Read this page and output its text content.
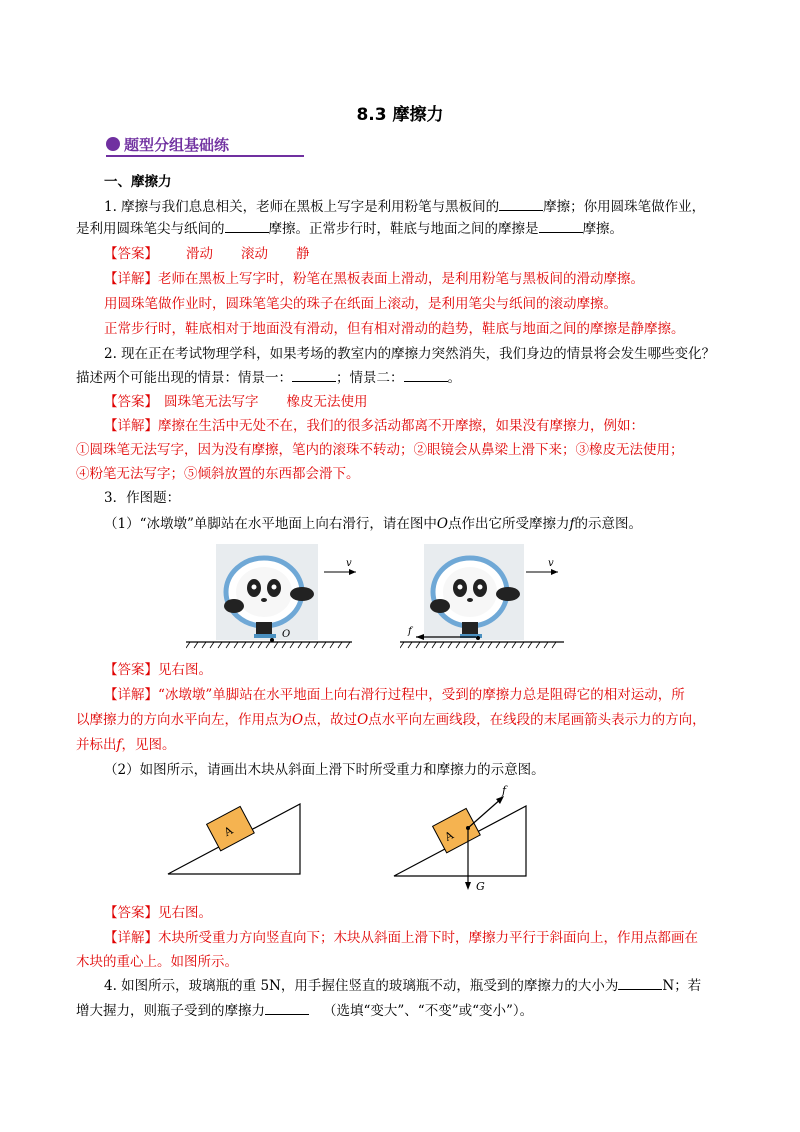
8.3 摩擦力
题型分组基础练
一、摩擦力
1. 摩擦与我们息息相关，老师在黑板上写字是利用粉笔与黑板间的	摩擦；你用圆珠笔做作业，
是利用圆珠笔尖与纸间的	摩擦。正常步行时，鞋底与地面之间的摩擦是	摩擦。
【答案】 滑动 滚动 静
【详解】老师在黑板上写字时，粉笔在黑板表面上滑动，是利用粉笔与黑板间的滑动摩擦。
用圆珠笔做作业时，圆珠笔笔尖的珠子在纸面上滚动，是利用笔尖与纸间的滚动摩擦。
正常步行时，鞋底相对于地面没有滑动，但有相对滑动的趋势，鞋底与地面之间的摩擦是静摩擦。
2. 现在正在考试物理学科，如果考场的教室内的摩擦力突然消失，我们身边的情景将会发生哪些变化？
描述两个可能出现的情景：情景一：	；情景二：	。
【答案】 圆珠笔无法写字 橡皮无法使用
【详解】摩擦在生活中无处不在，我们的很多活动都离不开摩擦，如果没有摩擦力，例如：
①圆珠笔无法写字，因为没有摩擦，笔内的滚珠不转动；②眼镜会从鼻梁上滑下来；③橡皮无法使用；
④粉笔无法写字；⑤倾斜放置的东西都会滑下。
3．作图题：
（1）“冰墩墩”单脚站在水平地面上向右滑行，请在图中O点作出它所受摩擦力f的示意图。
v
O
v
f
【答案】见右图。
【详解】“冰墩墩”单脚站在水平地面上向右滑行过程中，受到的摩擦力总是阻碍它的相对运动，所
以摩擦力的方向水平向左，作用点为O点，故过O点水平向左画线段，在线段的末尾画箭头表示力的方向，
并标出f，见图。
（2）如图所示，请画出木块从斜面上滑下时所受重力和摩擦力的示意图。
A	A
f
G
【答案】见右图。
【详解】木块所受重力方向竖直向下；木块从斜面上滑下时，摩擦力平行于斜面向上，作用点都画在
木块的重心上。如图所示。
4. 如图所示，玻璃瓶的重 5N，用手握住竖直的玻璃瓶不动，瓶受到的摩擦力的大小为	N；若
增大握力，则瓶子受到的摩擦力	（选填“变大”、“不变”或“变小”）。
